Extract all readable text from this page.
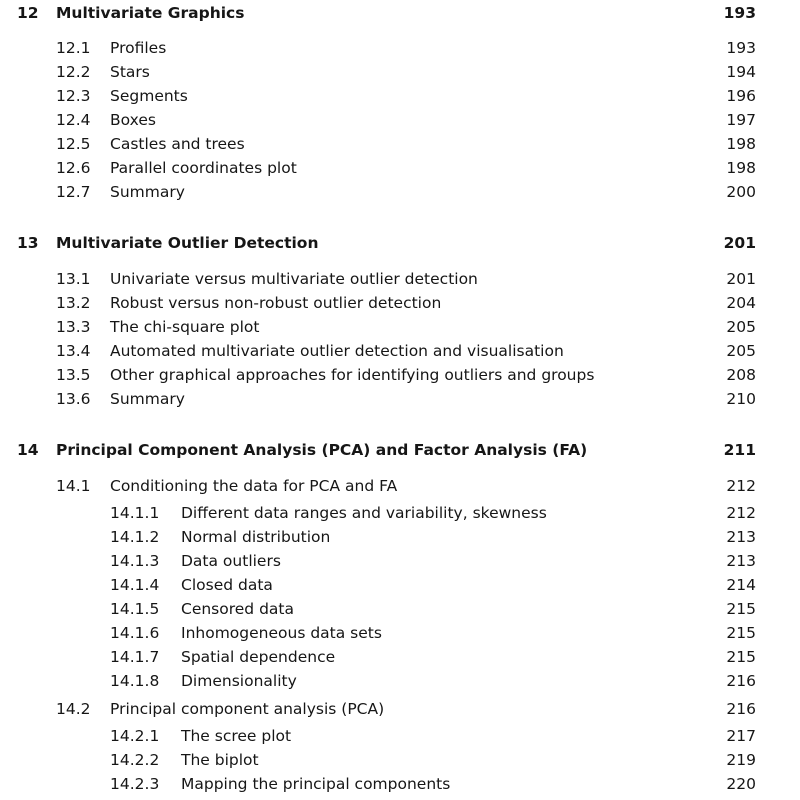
12 Multivariate Graphics	193
12.1 Profiles	193
12.2 Stars	194
12.3 Segments	196
12.4 Boxes	197
12.5 Castles and trees	198
12.6 Parallel coordinates plot	198
12.7 Summary	200
13 Multivariate Outlier Detection	201
13.1 Univariate versus multivariate outlier detection	201
13.2 Robust versus non-robust outlier detection	204
13.3 The chi-square plot	205
13.4 Automated multivariate outlier detection and visualisation	205
13.5 Other graphical approaches for identifying outliers and groups	208
13.6 Summary	210
14 Principal Component Analysis (PCA) and Factor Analysis (FA)	211
14.1 Conditioning the data for PCA and FA	212
14.1.1 Different data ranges and variability, skewness	212
14.1.2 Normal distribution	213
14.1.3 Data outliers	213
14.1.4 Closed data	214
14.1.5 Censored data	215
14.1.6 Inhomogeneous data sets	215
14.1.7 Spatial dependence	215
14.1.8 Dimensionality	216
14.2 Principal component analysis (PCA)	216
14.2.1 The scree plot	217
14.2.2 The biplot	219
14.2.3 Mapping the principal components	220
